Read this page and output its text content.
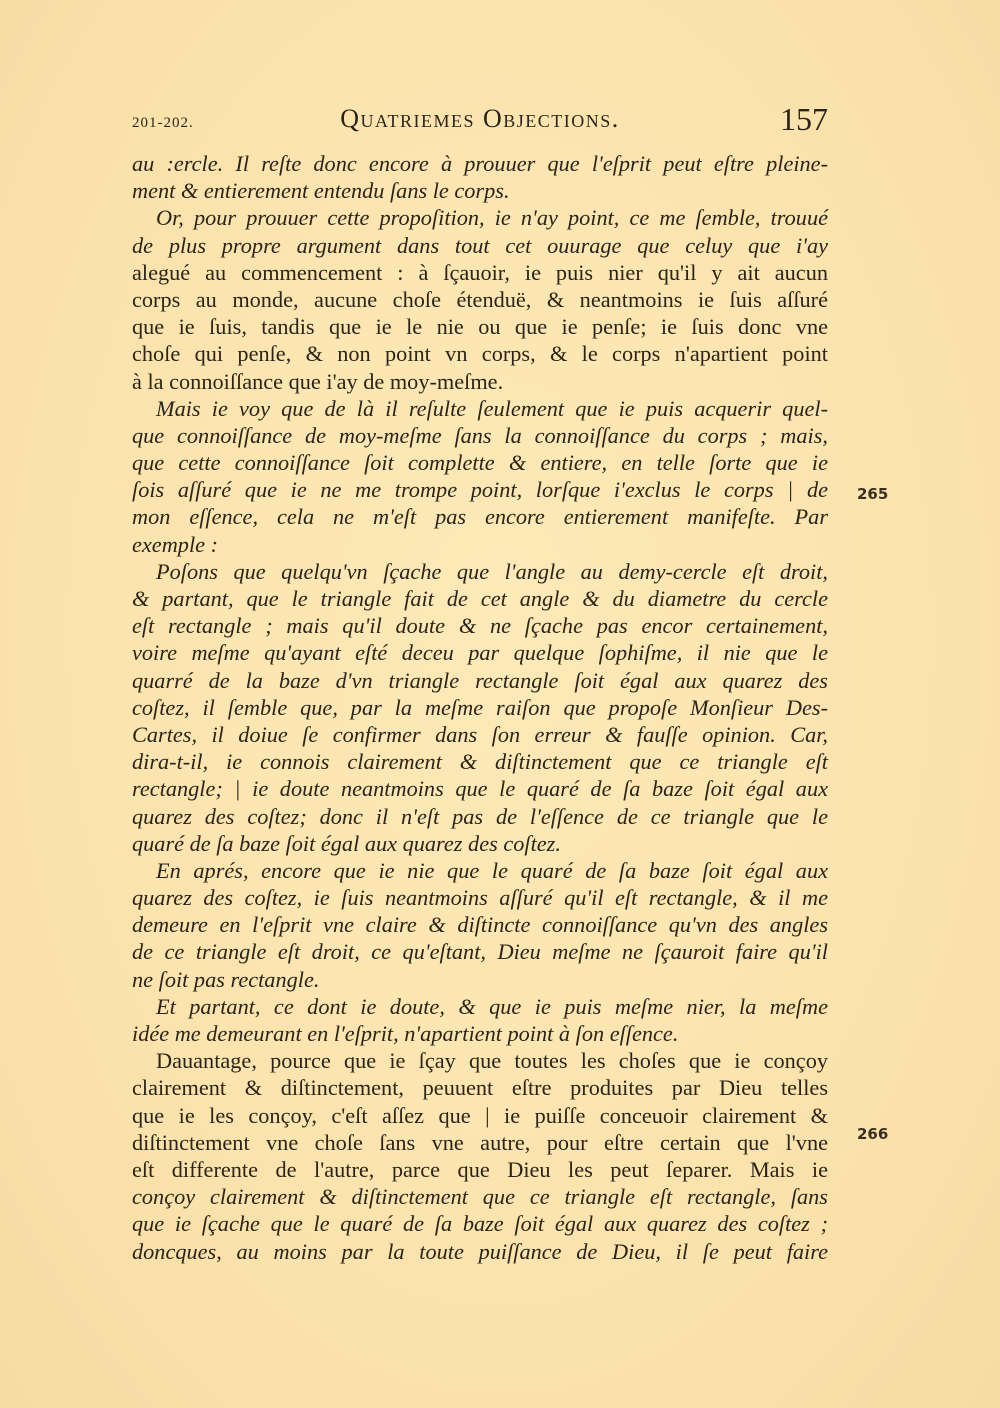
201-202.	Quatriemes Objections.	157
au :ercle. Il reſte donc encore à prouuer que l'eſprit peut eſtre pleine-
ment & entierement entendu ſans le corps.
Or, pour prouuer cette propoſition, ie n'ay point, ce me ſemble, trouué
de plus propre argument dans tout cet ouurage que celuy que i'ay
alegué au commencement : à ſçauoir, ie puis nier qu'il y ait aucun
corps au monde, aucune choſe étenduë, & neantmoins ie ſuis aſſuré
que ie ſuis, tandis que ie le nie ou que ie penſe; ie ſuis donc vne
choſe qui penſe, & non point vn corps, & le corps n'apartient point
à la connoiſſance que i'ay de moy-meſme.
Mais ie voy que de là il reſulte ſeulement que ie puis acquerir quel-
que connoiſſance de moy-meſme ſans la connoiſſance du corps ; mais,
que cette connoiſſance ſoit complette & entiere, en telle ſorte que ie
ſois aſſuré que ie ne me trompe point, lorſque i'exclus le corps | de
mon eſſence, cela ne m'eſt pas encore entierement manifeſte. Par
exemple :
Poſons que quelqu'vn ſçache que l'angle au demy-cercle eſt droit,
& partant, que le triangle fait de cet angle & du diametre du cercle
eſt rectangle ; mais qu'il doute & ne ſçache pas encor certainement,
voire meſme qu'ayant eſté deceu par quelque ſophiſme, il nie que le
quarré de la baze d'vn triangle rectangle ſoit égal aux quarez des
coſtez, il ſemble que, par la meſme raiſon que propoſe Monſieur Des-
Cartes, il doiue ſe confirmer dans ſon erreur & fauſſe opinion. Car,
dira-t-il, ie connois clairement & diſtinctement que ce triangle eſt
rectangle; | ie doute neantmoins que le quaré de ſa baze ſoit égal aux
quarez des coſtez; donc il n'eſt pas de l'eſſence de ce triangle que le
quaré de ſa baze ſoit égal aux quarez des coſtez.
En aprés, encore que ie nie que le quaré de ſa baze ſoit égal aux
quarez des coſtez, ie ſuis neantmoins aſſuré qu'il eſt rectangle, & il me
demeure en l'eſprit vne claire & diſtincte connoiſſance qu'vn des angles
de ce triangle eſt droit, ce qu'eſtant, Dieu meſme ne ſçauroit faire qu'il
ne ſoit pas rectangle.
Et partant, ce dont ie doute, & que ie puis meſme nier, la meſme
idée me demeurant en l'eſprit, n'apartient point à ſon eſſence.
Dauantage, pource que ie ſçay que toutes les choſes que ie conçoy
clairement & diſtinctement, peuuent eſtre produites par Dieu telles
que ie les conçoy, c'eſt aſſez que | ie puiſſe conceuoir clairement &
diſtinctement vne choſe ſans vne autre, pour eſtre certain que l'vne
eſt differente de l'autre, parce que Dieu les peut ſeparer. Mais ie
conçoy clairement & diſtinctement que ce triangle eſt rectangle, ſans
que ie ſçache que le quaré de ſa baze ſoit égal aux quarez des coſtez ;
doncques, au moins par la toute puiſſance de Dieu, il ſe peut faire
265
266
